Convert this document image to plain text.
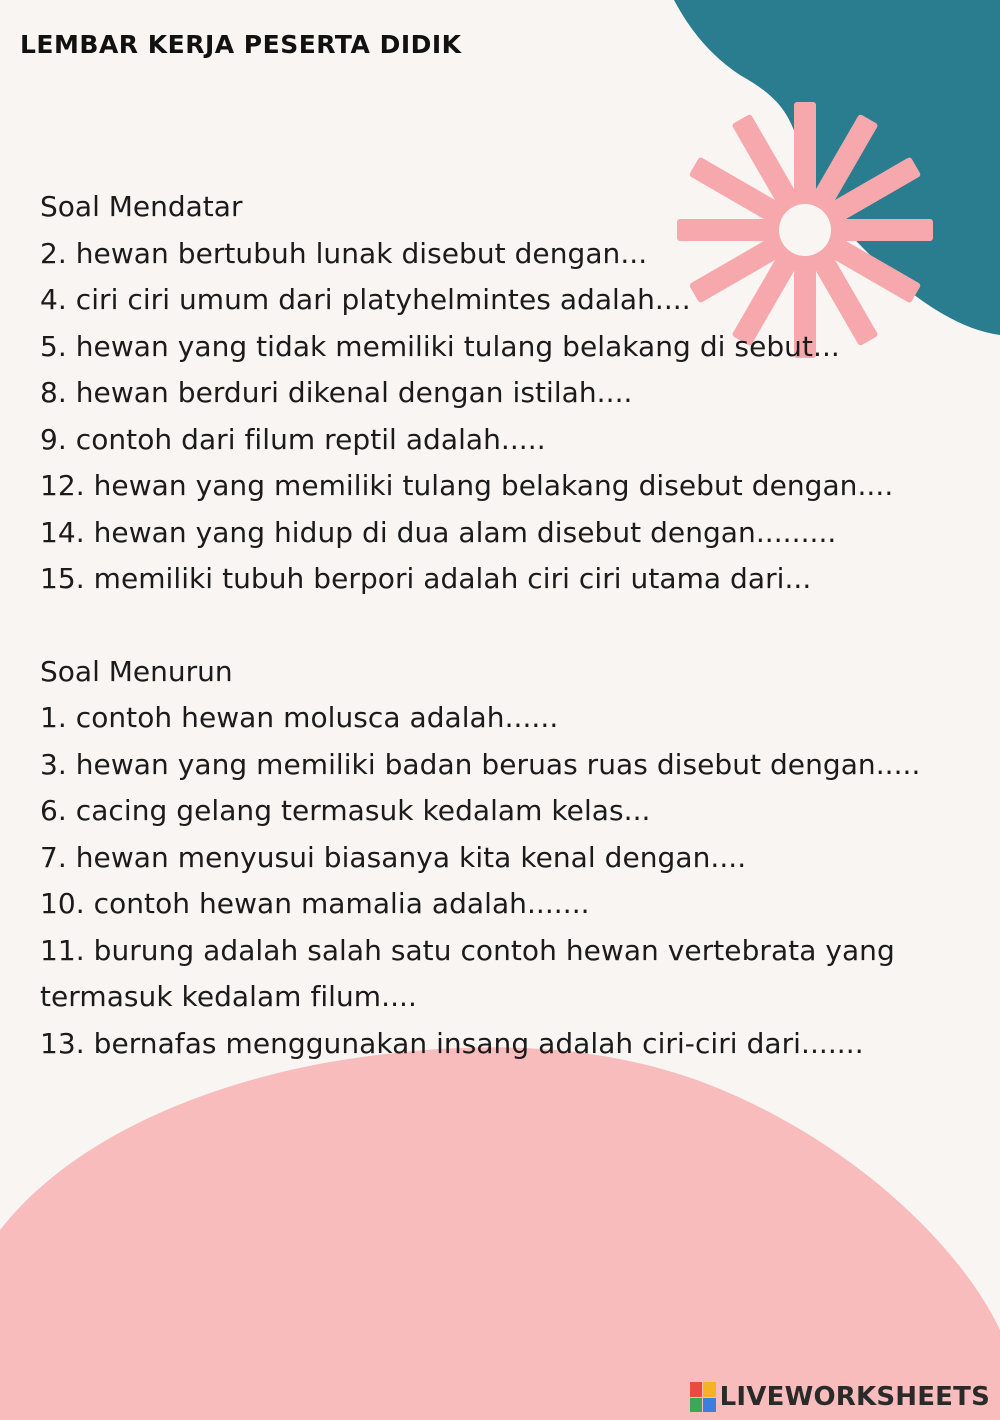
LEMBAR KERJA PESERTA DIDIK
Soal Mendatar
2. hewan bertubuh lunak disebut dengan...
4. ciri ciri umum dari platyhelmintes adalah....
5. hewan yang tidak memiliki tulang belakang di sebut...
8. hewan berduri dikenal dengan istilah....
9. contoh dari filum reptil adalah.....
12. hewan yang memiliki tulang belakang disebut dengan....
14. hewan yang hidup di dua alam disebut dengan.........
15. memiliki tubuh berpori adalah ciri ciri utama dari...
Soal Menurun
1. contoh hewan molusca adalah......
3. hewan yang memiliki badan beruas ruas disebut dengan.....
6. cacing gelang termasuk kedalam kelas...
7. hewan menyusui biasanya kita kenal dengan....
10. contoh hewan mamalia adalah.......
11. burung adalah salah satu contoh hewan vertebrata yang termasuk kedalam filum....
13. bernafas menggunakan insang adalah ciri-ciri dari.......
LIVEWORKSHEETS
